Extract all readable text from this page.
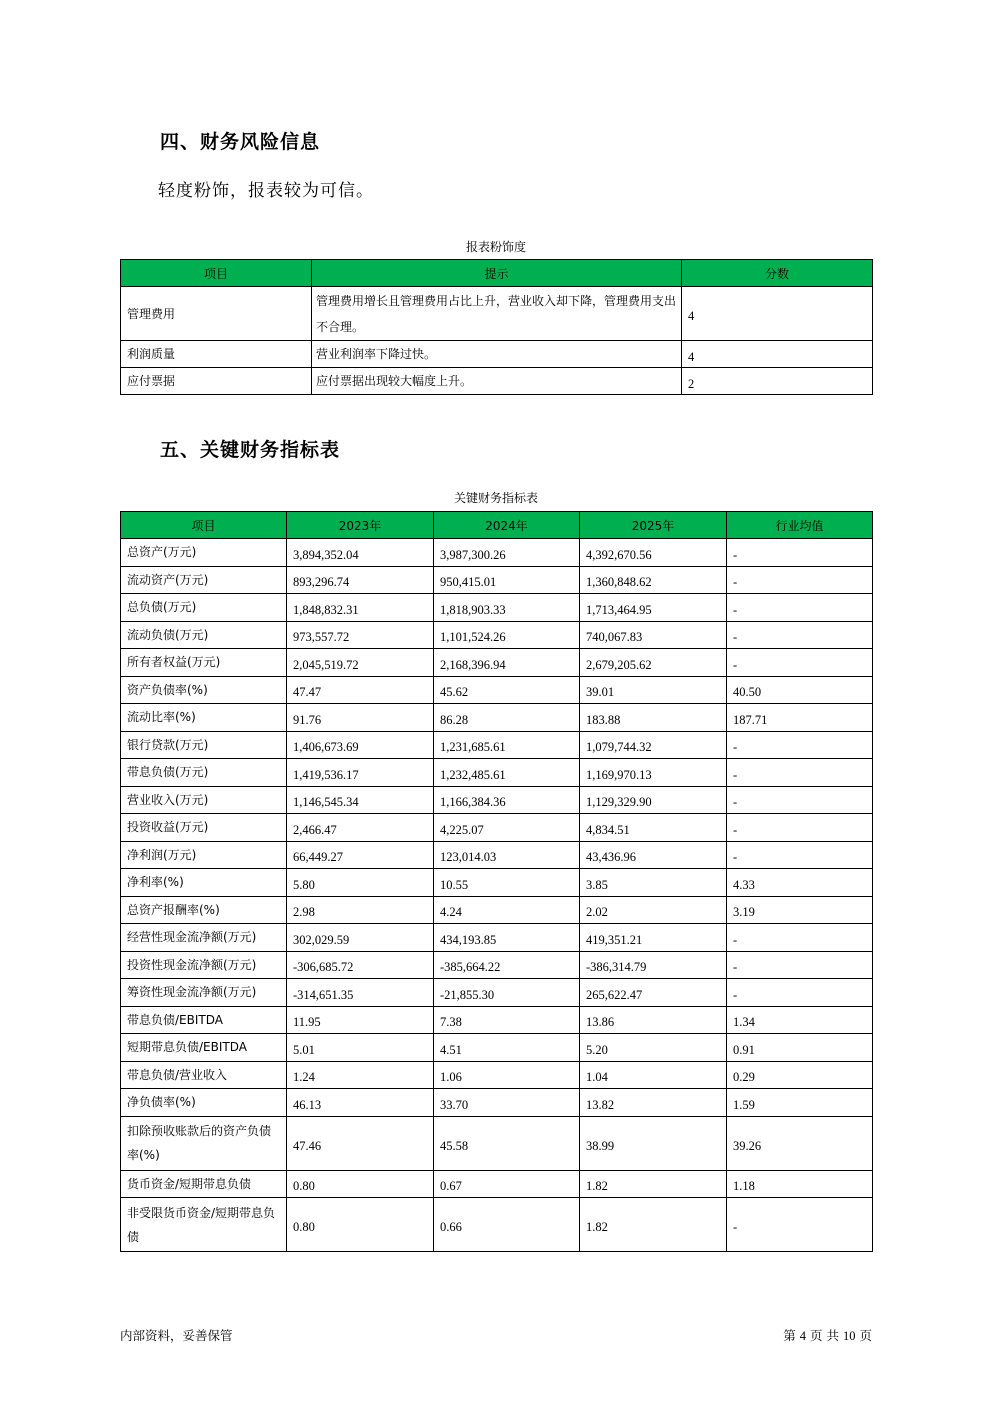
四、财务风险信息
轻度粉饰，报表较为可信。
报表粉饰度
项目	提示	分数
管理费用	管理费用增长且管理费用占比上升，营业收入却下降，管理费用支出不合理。	4
利润质量	营业利润率下降过快。	4
应付票据	应付票据出现较大幅度上升。	2
五、关键财务指标表
关键财务指标表
项目	2023年	2024年	2025年	行业均值
总资产(万元)	3,894,352.04	3,987,300.26	4,392,670.56	-
流动资产(万元)	893,296.74	950,415.01	1,360,848.62	-
总负债(万元)	1,848,832.31	1,818,903.33	1,713,464.95	-
流动负债(万元)	973,557.72	1,101,524.26	740,067.83	-
所有者权益(万元)	2,045,519.72	2,168,396.94	2,679,205.62	-
资产负债率(%)	47.47	45.62	39.01	40.50
流动比率(%)	91.76	86.28	183.88	187.71
银行贷款(万元)	1,406,673.69	1,231,685.61	1,079,744.32	-
带息负债(万元)	1,419,536.17	1,232,485.61	1,169,970.13	-
营业收入(万元)	1,146,545.34	1,166,384.36	1,129,329.90	-
投资收益(万元)	2,466.47	4,225.07	4,834.51	-
净利润(万元)	66,449.27	123,014.03	43,436.96	-
净利率(%)	5.80	10.55	3.85	4.33
总资产报酬率(%)	2.98	4.24	2.02	3.19
经营性现金流净额(万元)	302,029.59	434,193.85	419,351.21	-
投资性现金流净额(万元)	-306,685.72	-385,664.22	-386,314.79	-
筹资性现金流净额(万元)	-314,651.35	-21,855.30	265,622.47	-
带息负债/EBITDA	11.95	7.38	13.86	1.34
短期带息负债/EBITDA	5.01	4.51	5.20	0.91
带息负债/营业收入	1.24	1.06	1.04	0.29
净负债率(%)	46.13	33.70	13.82	1.59
扣除预收账款后的资产负债率(%)	47.46	45.58	38.99	39.26
货币资金/短期带息负债	0.80	0.67	1.82	1.18
非受限货币资金/短期带息负债	0.80	0.66	1.82	-
内部资料，妥善保管	第 4 页 共 10 页
